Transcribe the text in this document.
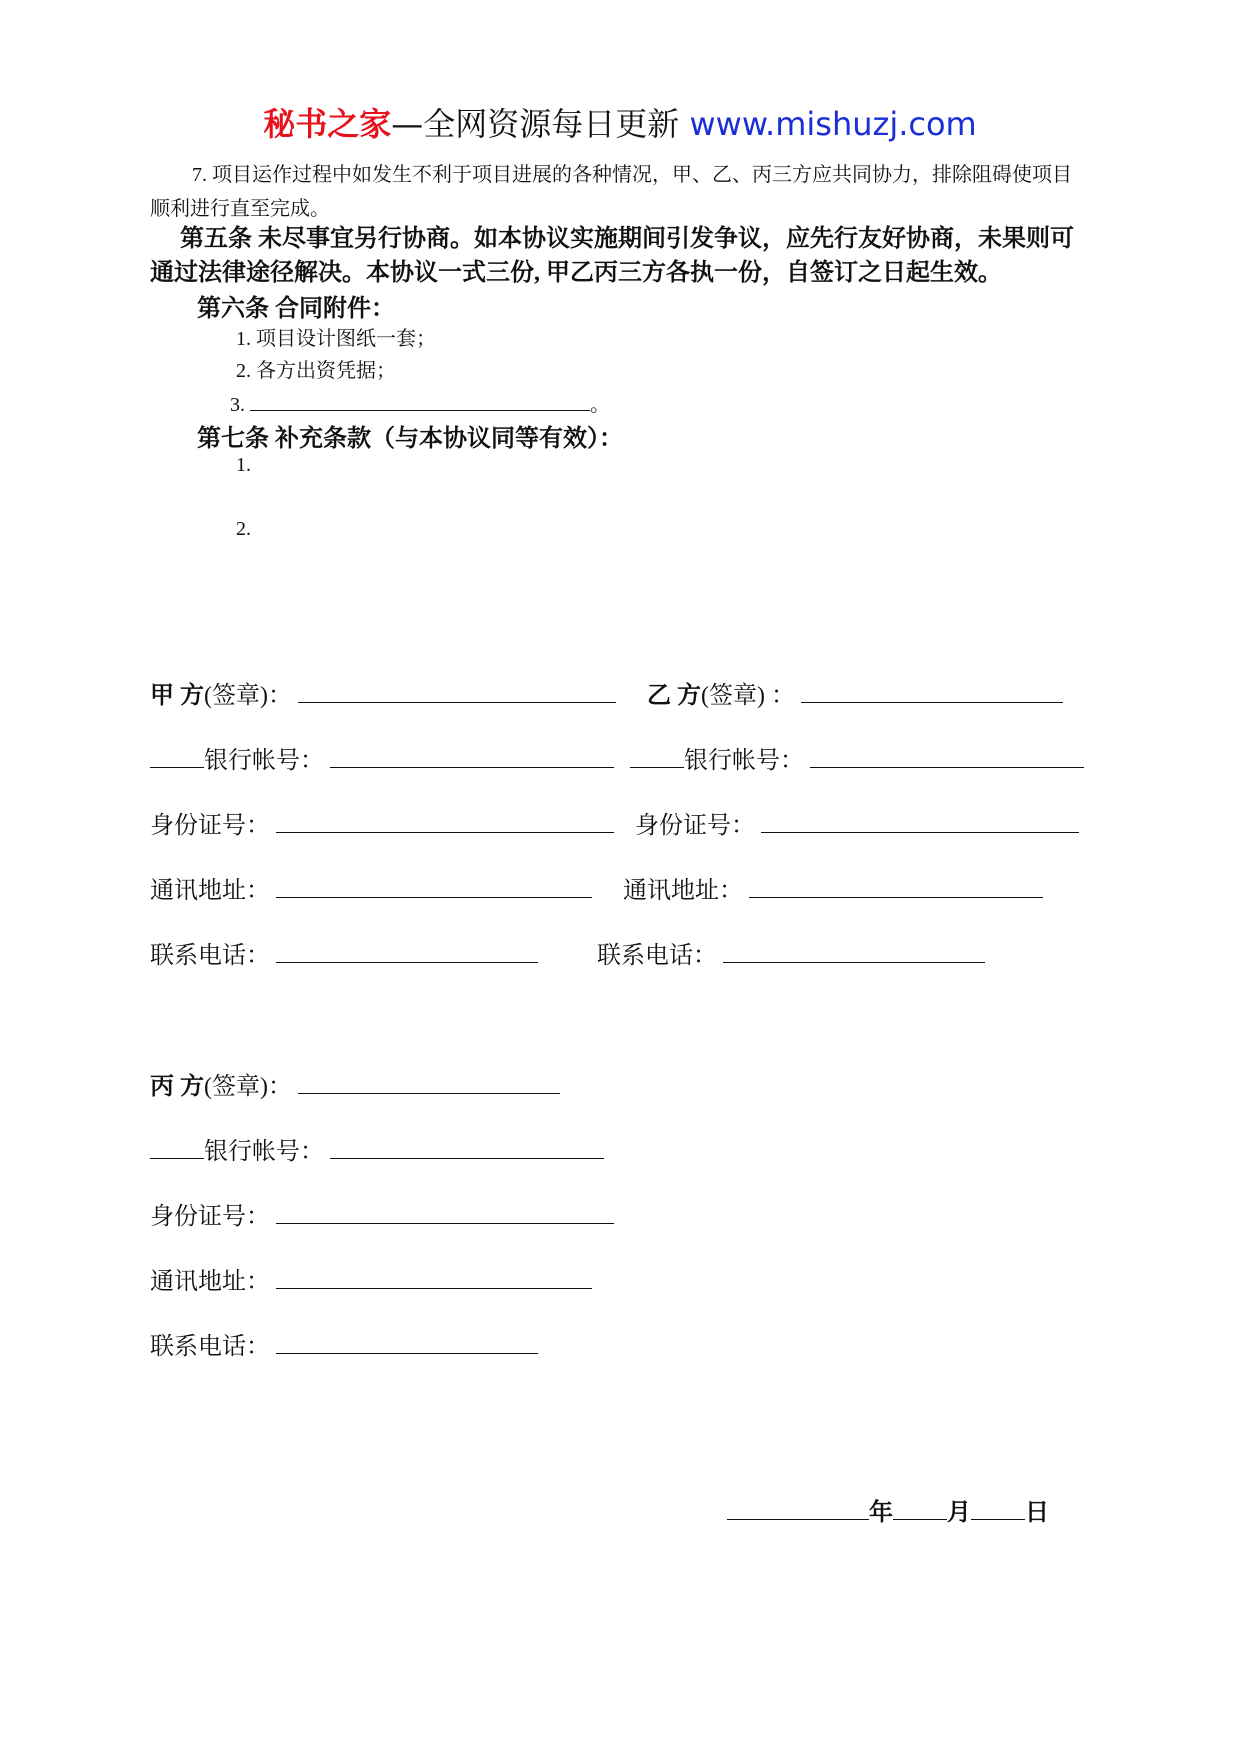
秘书之家—全网资源每日更新 www.mishuzj.com
7. 项目运作过程中如发生不利于项目进展的各种情况，甲、乙、丙三方应共同协力，排除阻碍使项目顺利进行直至完成。
第五条 未尽事宜另行协商。如本协议实施期间引发争议，应先行友好协商，未果则可通过法律途径解决。本协议一式三份, 甲乙丙三方各执一份，自签订之日起生效。
第六条 合同附件：
1. 项目设计图纸一套；
2. 各方出资凭据；
3.	。
第七条 补充条款（与本协议同等有效）：
1.
2.
甲 方(签章)：	乙 方(签章) ：
银行帐号：	银行帐号：
身份证号：	身份证号：
通讯地址：	通讯地址：
联系电话：	联系电话：
丙 方(签章)：
银行帐号：
身份证号：
通讯地址：
联系电话：
年 月 日
